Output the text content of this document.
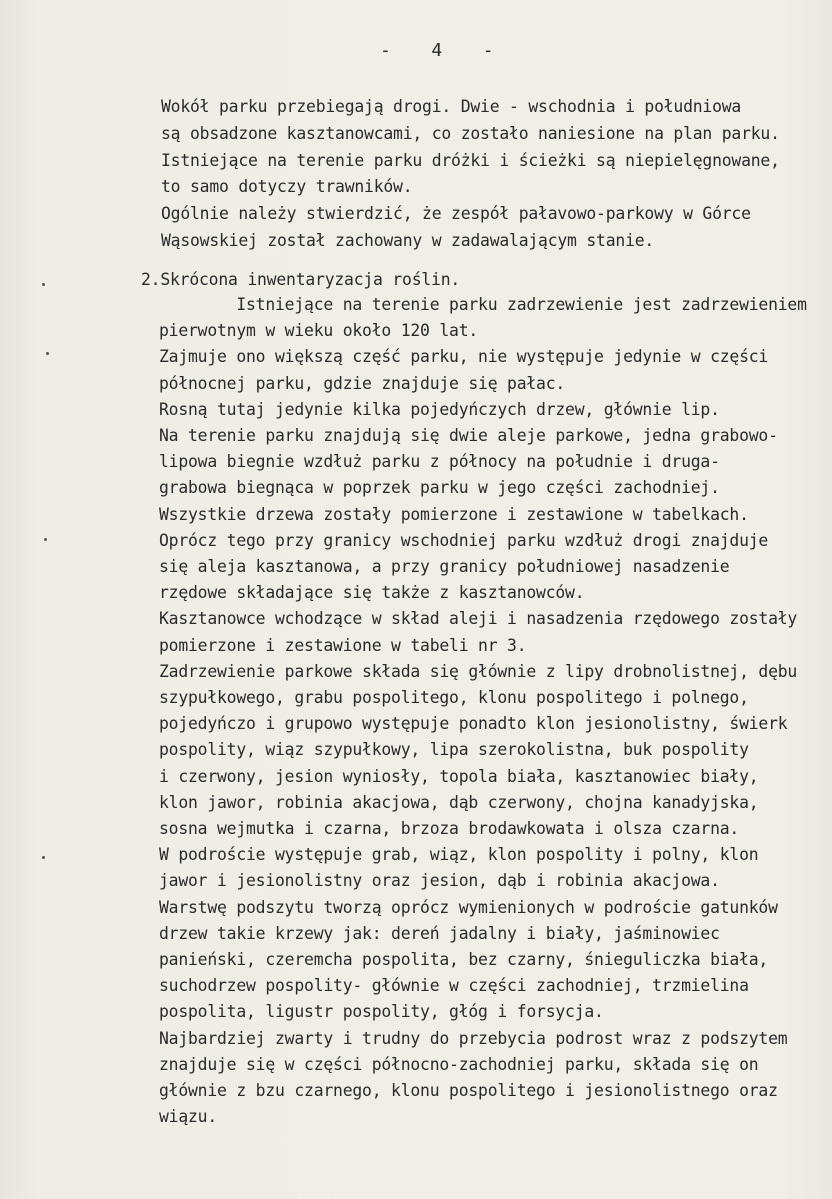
-   4   -
Wokół parku przebiegają drogi. Dwie - wschodnia i południowa
są obsadzone kasztanowcami, co zostało naniesione na plan parku.
Istniejące na terenie parku dróżki i ścieżki są niepielęgnowane,
to samo dotyczy trawników.
Ogólnie należy stwierdzić, że zespół pałavowo-parkowy w Górce
Wąsowskiej został zachowany w zadawalającym stanie.
2.Skrócona inwentaryzacja roślin.
Istniejące na terenie parku zadrzewienie jest zadrzewieniem
pierwotnym w wieku około 120 lat.
Zajmuje ono większą część parku, nie występuje jedynie w części
północnej parku, gdzie znajduje się pałac.
Rosną tutaj jedynie kilka pojedyńczych drzew, głównie lip.
Na terenie parku znajdują się dwie aleje parkowe, jedna grabowo-
lipowa biegnie wzdłuż parku z północy na południe i druga-
grabowa biegnąca w poprzek parku w jego części zachodniej.
Wszystkie drzewa zostały pomierzone i zestawione w tabelkach.
Oprócz tego przy granicy wschodniej parku wzdłuż drogi znajduje
się aleja kasztanowa, a przy granicy południowej nasadzenie
rzędowe składające się także z kasztanowców.
Kasztanowce wchodzące w skład aleji i nasadzenia rzędowego zostały
pomierzone i zestawione w tabeli nr 3.
Zadrzewienie parkowe składa się głównie z lipy drobnolistnej, dębu
szypułkowego, grabu pospolitego, klonu pospolitego i polnego,
pojedyńczo i grupowo występuje ponadto klon jesionolistny, świerk
pospolity, wiąz szypułkowy, lipa szerokolistna, buk pospolity
i czerwony, jesion wyniosły, topola biała, kasztanowiec biały,
klon jawor, robinia akacjowa, dąb czerwony, chojna kanadyjska,
sosna wejmutka i czarna, brzoza brodawkowata i olsza czarna.
W podroście występuje grab, wiąz, klon pospolity i polny, klon
jawor i jesionolistny oraz jesion, dąb i robinia akacjowa.
Warstwę podszytu tworzą oprócz wymienionych w podroście gatunków
drzew takie krzewy jak: dereń jadalny i biały, jaśminowiec
panieński, czeremcha pospolita, bez czarny, śnieguliczka biała,
suchodrzew pospolity- głównie w części zachodniej, trzmielina
pospolita, ligustr pospolity, głóg i forsycja.
Najbardziej zwarty i trudny do przebycia podrost wraz z podszytem
znajduje się w części północno-zachodniej parku, składa się on
głównie z bzu czarnego, klonu pospolitego i jesionolistnego oraz
wiązu.
